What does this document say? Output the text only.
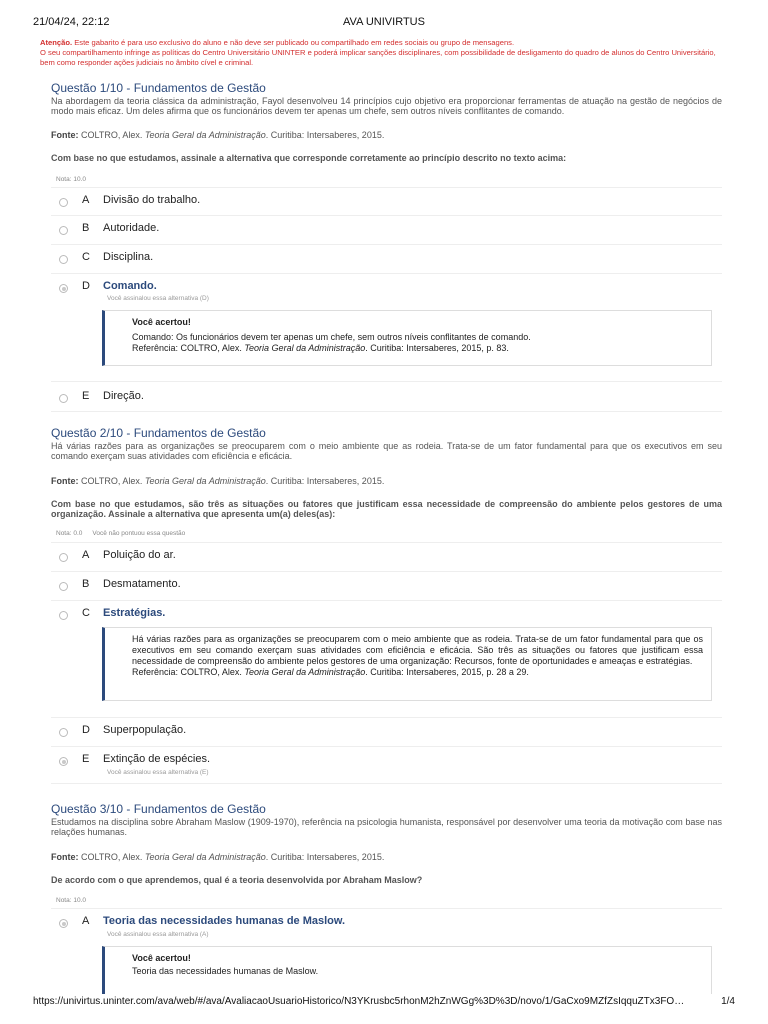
21/04/24, 22:12	AVA UNIVIRTUS
Atenção. Este gabarito é para uso exclusivo do aluno e não deve ser publicado ou compartilhado em redes sociais ou grupo de mensagens.
O seu compartilhamento infringe as políticas do Centro Universitário UNINTER e poderá implicar sanções disciplinares, com possibilidade de desligamento do quadro de alunos do Centro Universitário, bem como responder ações judiciais no âmbito cível e criminal.
Questão 1/10 - Fundamentos de Gestão
Na abordagem da teoria clássica da administração, Fayol desenvolveu 14 princípios cujo objetivo era proporcionar ferramentas de atuação na gestão de negócios de modo mais eficaz. Um deles afirma que os funcionários devem ter apenas um chefe, sem outros níveis conflitantes de comando.
Fonte: COLTRO, Alex. Teoria Geral da Administração. Curitiba: Intersaberes, 2015.
Com base no que estudamos, assinale a alternativa que corresponde corretamente ao princípio descrito no texto acima:
Nota: 10.0
A Divisão do trabalho.
B Autoridade.
C Disciplina.
D Comando.
Você assinalou essa alternativa (D)

Você acertou!

Comando: Os funcionários devem ter apenas um chefe, sem outros níveis conflitantes de comando.

Referência: COLTRO, Alex. Teoria Geral da Administração. Curitiba: Intersaberes, 2015, p. 83.

E Direção.
Questão 2/10 - Fundamentos de Gestão
Há várias razões para as organizações se preocuparem com o meio ambiente que as rodeia. Trata-se de um fator fundamental para que os executivos em seu comando exerçam suas atividades com eficiência e eficácia.
Fonte: COLTRO, Alex. Teoria Geral da Administração. Curitiba: Intersaberes, 2015.
Com base no que estudamos, são três as situações ou fatores que justificam essa necessidade de compreensão do ambiente pelos gestores de uma organização. Assinale a alternativa que apresenta um(a) deles(as):
Nota: 0.0 Você não pontuou essa questão
A Poluição do ar.
B Desmatamento.
C Estratégias.

Há várias razões para as organizações se preocuparem com o meio ambiente que as rodeia. Trata-se de um fator fundamental para que os executivos em seu comando exerçam suas atividades com eficiência e eficácia. São três as situações ou fatores que justificam essa necessidade de compreensão do ambiente pelos gestores de uma organização: Recursos, fonte de oportunidades e ameaças e estratégias.

Referência: COLTRO, Alex. Teoria Geral da Administração. Curitiba: Intersaberes, 2015, p. 28 a 29.

D Superpopulação.
E Extinção de espécies.
Você assinalou essa alternativa (E)
Questão 3/10 - Fundamentos de Gestão
Estudamos na disciplina sobre Abraham Maslow (1909-1970), referência na psicologia humanista, responsável por desenvolver uma teoria da motivação com base nas relações humanas.
Fonte: COLTRO, Alex. Teoria Geral da Administração. Curitiba: Intersaberes, 2015.
De acordo com o que aprendemos, qual é a teoria desenvolvida por Abraham Maslow?
Nota: 10.0
A Teoria das necessidades humanas de Maslow.
Você assinalou essa alternativa (A)

Você acertou!

Teoria das necessidades humanas de Maslow.

https://univirtus.uninter.com/ava/web/#/ava/AvaliacaoUsuarioHistorico/N3YKrusbc5rhonM2hZnWGg%3D%3D/novo/1/GaCxo9MZfZsIqquZTx3FO…	1/4
